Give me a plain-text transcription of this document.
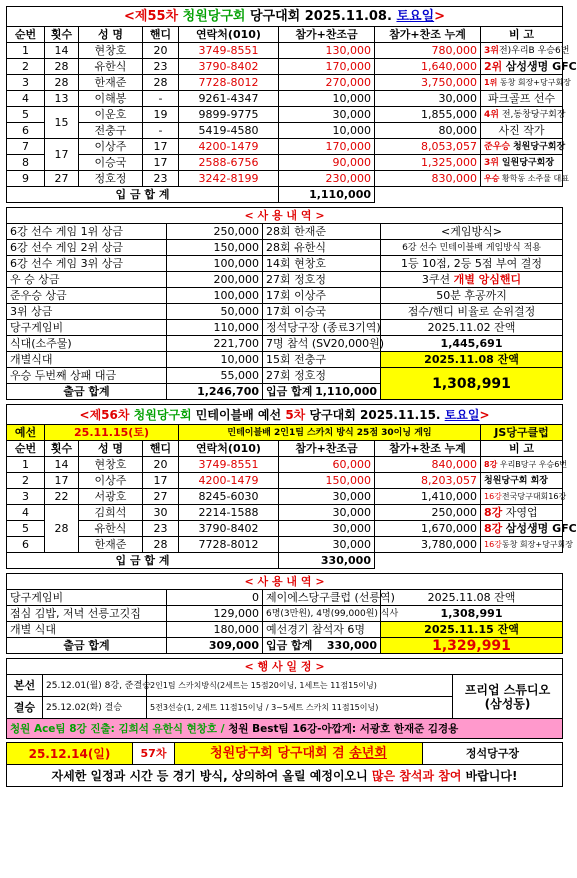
<제55차 청원당구회 당구대회 2025.11.08. 토요일>							
순번	횟수	성 명	핸디	연락처(010)	참가+찬조금	참가+찬조 누계	비 고
1	14	현창호	20	3749-8551	130,000	780,000	3위전)우리B 우승6번
2	28	유한식	23	3790-8402	170,000	1,640,000	2위 삼성생명 GFC
3	28	한재준	28	7728-8012	270,000	3,750,000	1위 동창 회장+당구회장
4	13	이해봉	-	9261-4347	10,000	30,000	파크골프 선수
5	15	이운호	19	9899-9775	30,000	1,855,000	4위 전,동창당구회장
6		전충구	-	5419-4580	10,000	80,000	사진 작가
7	17	이상주	17	4200-1479	170,000	8,053,057	준우승 청원당구회장
8		이승국	17	2588-6756	90,000	1,325,000	3위 일원당구회장
9	27	정호정	23	3242-8199	230,000	830,000	우승 황학동 소주물 대표
입 금 합 계					1,110,000		
< 사 용 내 역 >			
6강 선수 게임 1위 상금	250,000	28회 한재준	<게임방식>
6강 선수 게임 2위 상금	150,000	28회 유한식	6강 선수 민테이블배 게임방식 적용
6강 선수 게임 3위 상금	100,000	14회 현창호	1등 10점, 2등 5점 부여 결정
우 승 상금	200,000	27회 정호정	3쿠션 개별 앙심핸디
준우승 상금	100,000	17회 이상주	50분 후공까지
3위 상금	50,000	17회 이승국	점수/핸디 비율로 순위결정
당구게임비	110,000	정석당구장 (종료3기역)	2025.11.02 잔액
식대(소주물)	221,700	7명 참석 (SV20,000원)	1,445,691
개별식대	10,000	15회 전충구	2025.11.08 잔액
우승 두번째 상패 대금	55,000	27회 정호정	1,308,991
출금 합계	1,246,700	입금 합계 1,110,000	
<제56차 청원당구회 민테이블배 예선 5차 당구대회 2025.11.15. 토요일>							
예선	25.11.15(토)			민테이블배 2인1팀 스카치 방식 25점 30이닝 게임			JS당구클럽
순번	횟수	성 명	핸디	연락처(010)	참가+찬조금	참가+찬조 누계	비 고
1	14	현창호	20	3749-8551	60,000	840,000	8강 우리B당구 우승6번
2	17	이상주	17	4200-1479	150,000	8,203,057	청원당구회 회장
3	22	서광호	27	8245-6030	30,000	1,410,000	16강전국당구대회16강
4	28	김희석	30	2214-1588	30,000	250,000	8강 자영업
5		유한식	23	3790-8402	30,000	1,670,000	8강 삼성생명 GFC
6		한재준	28	7728-8012	30,000	3,780,000	16강동창 회장+당구회장
입 금 합 계					330,000		
< 사 용 내 역 >			
당구게임비	0	제이에스당구클럽 (선릉역)	2025.11.08 잔액
점심 김밥, 저녁 선릉고깃집	129,000	6명(3만원), 4명(99,000원) 식사	1,308,991
개별 식대	180,000	예선경기 참석자 6명	2025.11.15 잔액
출금 합계	309,000	입금 합계 330,000	1,329,991
< 행 사 일 정 >			
본선	25.12.01(월) 8강, 준결승	2인1팀 스카치방식(2세트는 15점20이닝, 1세트는 11점15이닝)	프리업 스튜디오 (삼성동)
결승	25.12.02(화) 결승	5전3선승(1, 2세트 11점15이닝 / 3~5세트 스카치 11점15이닝)	
청원 Ace팀 8강 진출: 김희석 유한식 현창호 / 청원 Best팀 16강-아깝게: 서광호 한재준 김경용			
25.12.14(일)	57차	청원당구회 당구대회 겸 송년회	정석당구장
자세한 일정과 시간 등 경기 방식, 상의하여 올릴 예정이오니 많은 참석과 참여 바랍니다!
